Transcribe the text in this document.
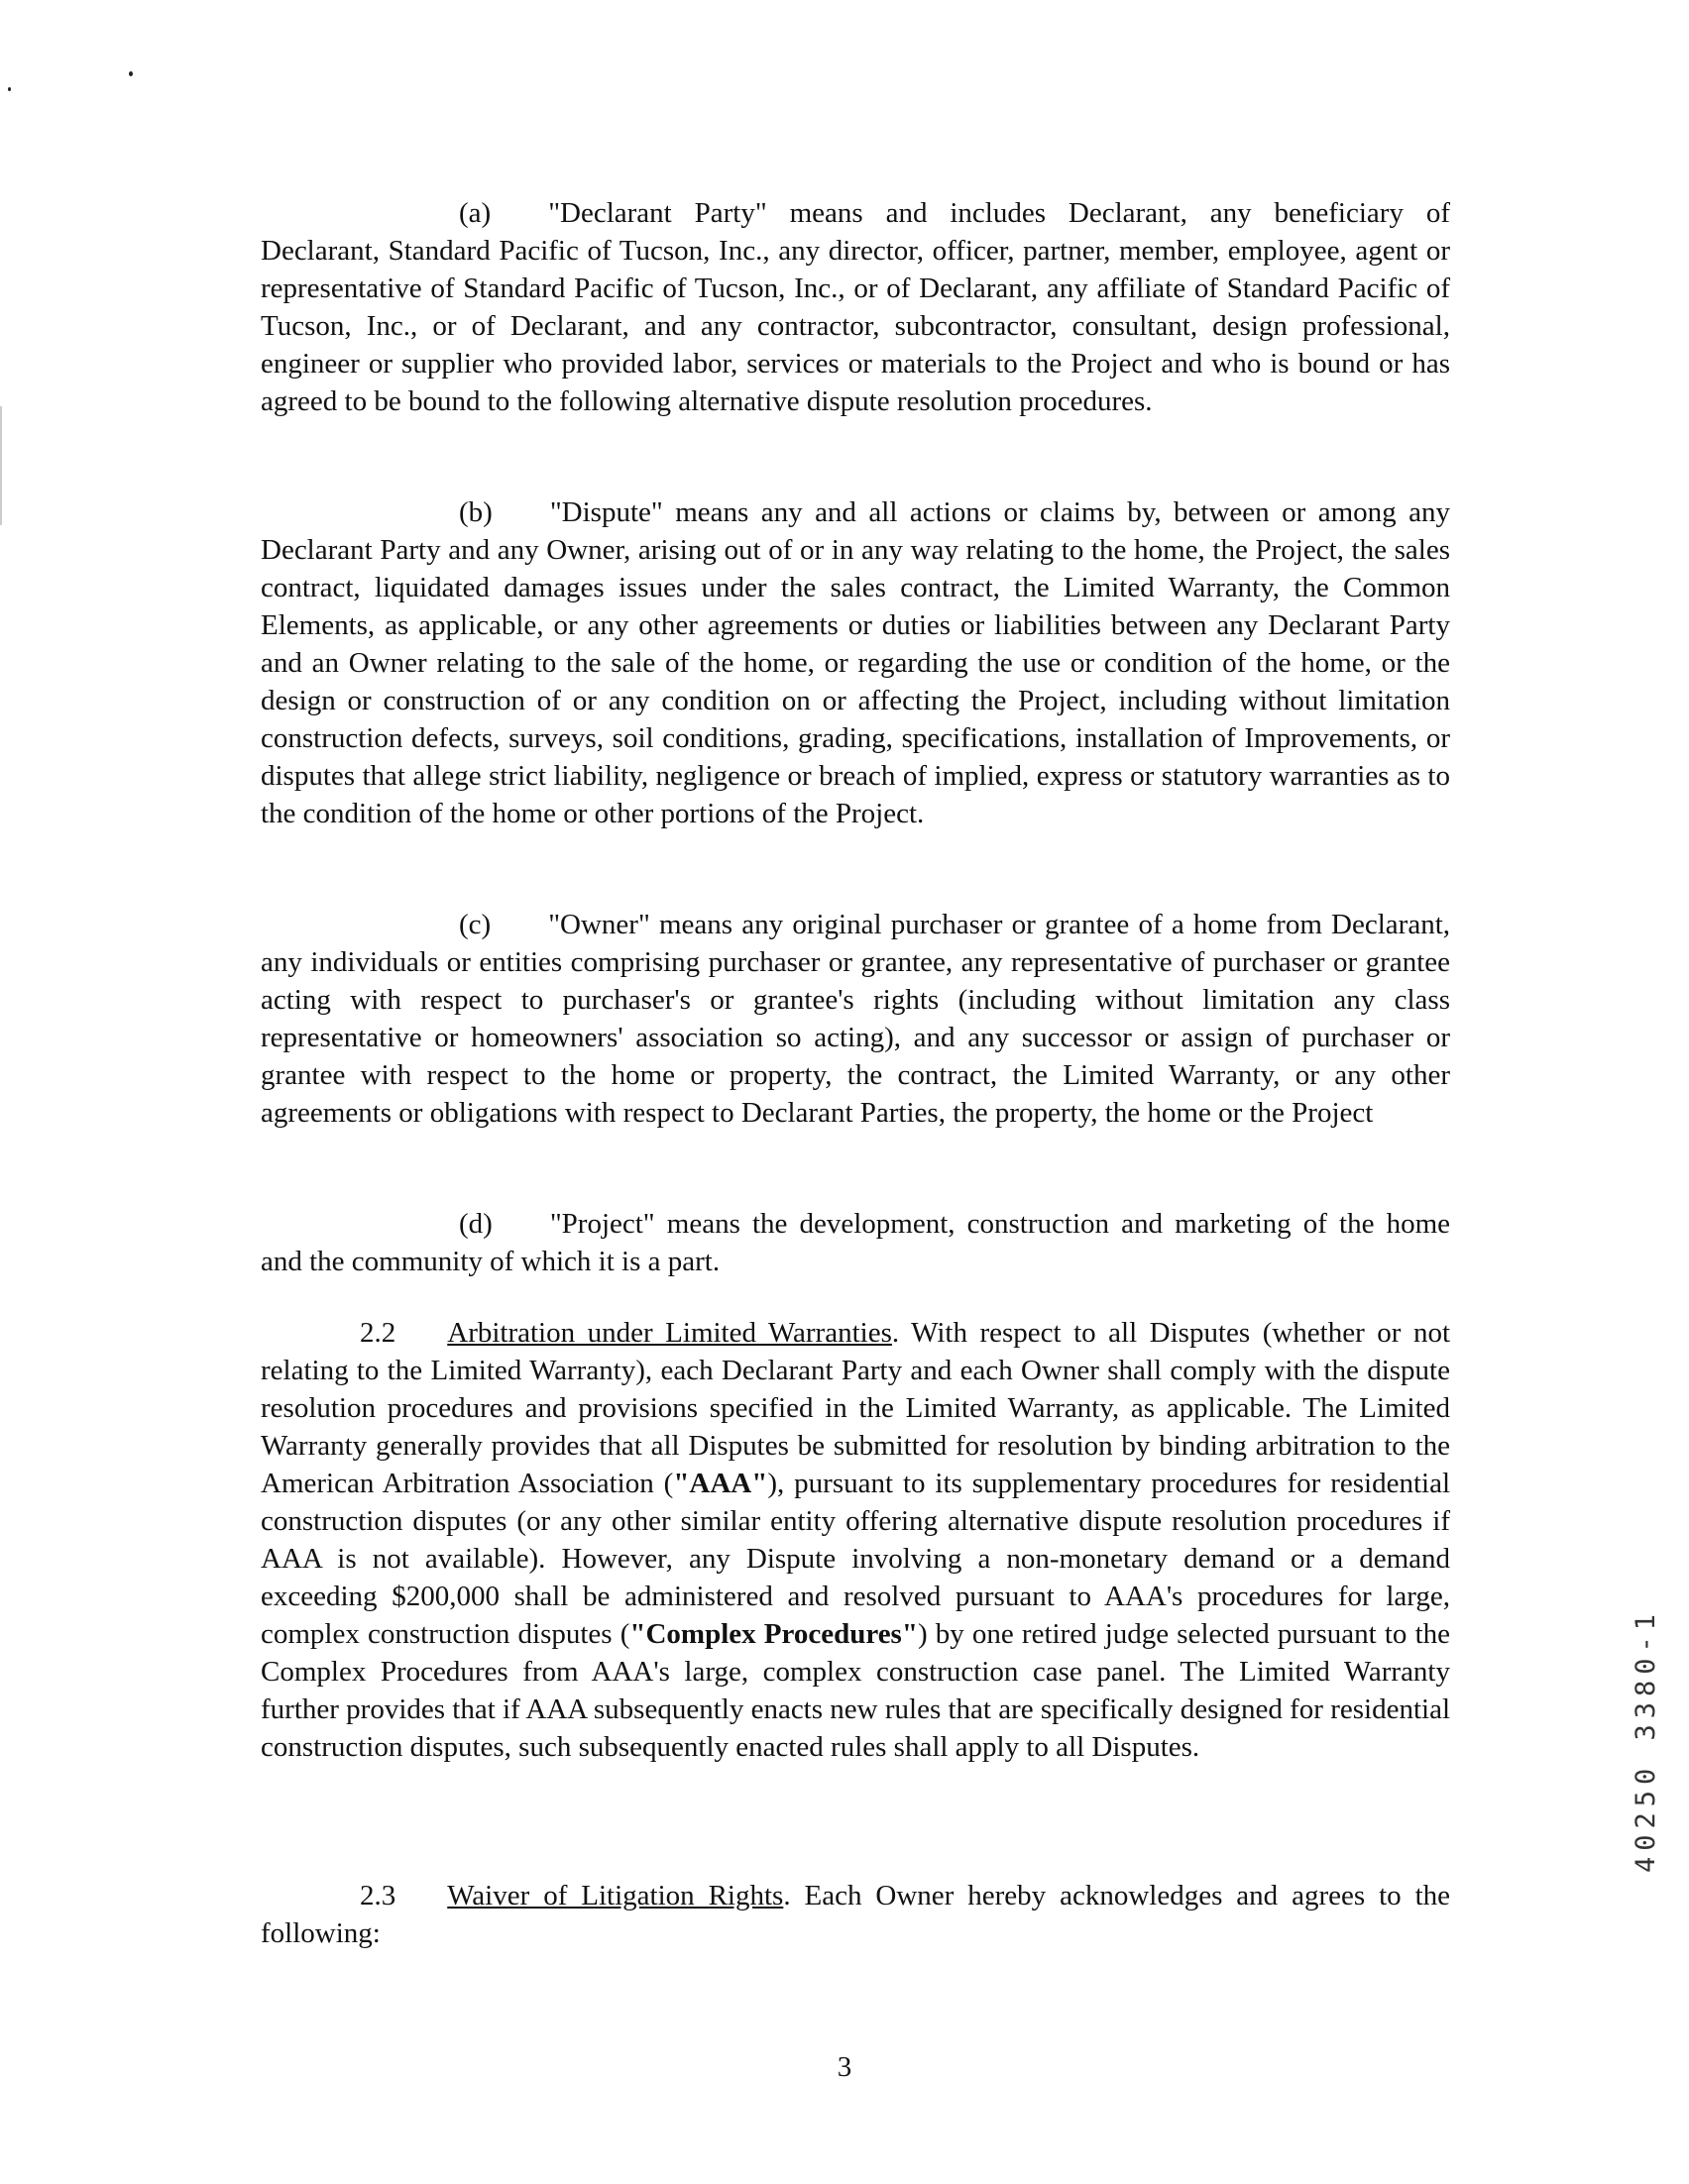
(a) "Declarant Party" means and includes Declarant, any beneficiary of Declarant, Standard Pacific of Tucson, Inc., any director, officer, partner, member, employee, agent or representative of Standard Pacific of Tucson, Inc., or of Declarant, any affiliate of Standard Pacific of Tucson, Inc., or of Declarant, and any contractor, subcontractor, consultant, design professional, engineer or supplier who provided labor, services or materials to the Project and who is bound or has agreed to be bound to the following alternative dispute resolution procedures.

(b) "Dispute" means any and all actions or claims by, between or among any Declarant Party and any Owner, arising out of or in any way relating to the home, the Project, the sales contract, liquidated damages issues under the sales contract, the Limited Warranty, the Common Elements, as applicable, or any other agreements or duties or liabilities between any Declarant Party and an Owner relating to the sale of the home, or regarding the use or condition of the home, or the design or construction of or any condition on or affecting the Project, including without limitation construction defects, surveys, soil conditions, grading, specifications, installation of Improvements, or disputes that allege strict liability, negligence or breach of implied, express or statutory warranties as to the condition of the home or other portions of the Project.

(c) "Owner" means any original purchaser or grantee of a home from Declarant, any individuals or entities comprising purchaser or grantee, any representative of purchaser or grantee acting with respect to purchaser's or grantee's rights (including without limitation any class representative or homeowners' association so acting), and any successor or assign of purchaser or grantee with respect to the home or property, the contract, the Limited Warranty, or any other agreements or obligations with respect to Declarant Parties, the property, the home or the Project

(d) "Project" means the development, construction and marketing of the home and the community of which it is a part.

2.2 Arbitration under Limited Warranties. With respect to all Disputes (whether or not relating to the Limited Warranty), each Declarant Party and each Owner shall comply with the dispute resolution procedures and provisions specified in the Limited Warranty, as applicable. The Limited Warranty generally provides that all Disputes be submitted for resolution by binding arbitration to the American Arbitration Association ("AAA"), pursuant to its supplementary procedures for residential construction disputes (or any other similar entity offering alternative dispute resolution procedures if AAA is not available). However, any Dispute involving a non-monetary demand or a demand exceeding $200,000 shall be administered and resolved pursuant to AAA's procedures for large, complex construction disputes ("Complex Procedures") by one retired judge selected pursuant to the Complex Procedures from AAA's large, complex construction case panel. The Limited Warranty further provides that if AAA subsequently enacts new rules that are specifically designed for residential construction disputes, such subsequently enacted rules shall apply to all Disputes.

2.3 Waiver of Litigation Rights. Each Owner hereby acknowledges and agrees to the following:

3
40250 3380-1
